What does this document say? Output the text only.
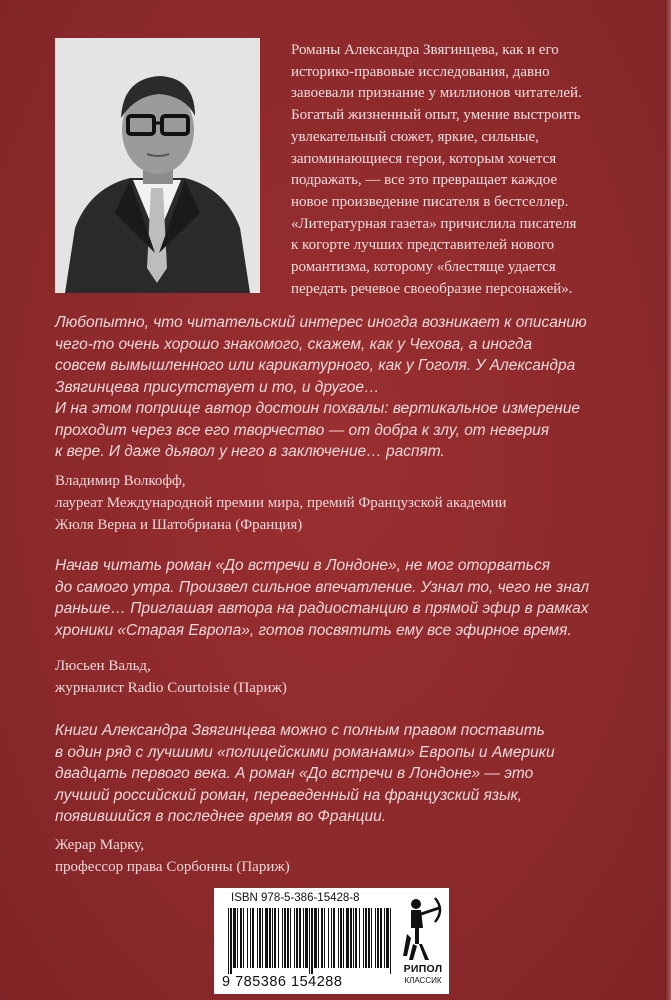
Романы Александра Звягинцева, как и его
историко-правовые исследования, давно
завоевали признание у миллионов читателей.
Богатый жизненный опыт, умение выстроить
увлекательный сюжет, яркие, сильные,
запоминающиеся герои, которым хочется
подражать, — все это превращает каждое
новое произведение писателя в бестселлер.
«Литературная газета» причислила писателя
к когорте лучших представителей нового
романтизма, которому «блестяще удается
передать речевое своеобразие персонажей».
Любопытно, что читательский интерес иногда возникает к описанию
чего-то очень хорошо знакомого, скажем, как у Чехова, а иногда
совсем вымышленного или карикатурного, как у Гоголя. У Александра
Звягинцева присутствует и то, и другое…
И на этом поприще автор достоин похвалы: вертикальное измерение
проходит через все его творчество — от добра к злу, от неверия
к вере. И даже дьявол у него в заключение… распят.
Владимир Волкофф,
лауреат Международной премии мира, премий Французской академии
Жюля Верна и Шатобриана (Франция)
Начав читать роман «До встречи в Лондоне», не мог оторваться
до самого утра. Произвел сильное впечатление. Узнал то, чего не знал
раньше… Приглашая автора на радиостанцию в прямой эфир в рамках
хроники «Старая Европа», готов посвятить ему все эфирное время.
Люсьен Вальд,
журналист Radio Courtoisie (Париж)
Книги Александра Звягинцева можно с полным правом поставить
в один ряд с лучшими «полицейскими романами» Европы и Америки
двадцать первого века. А роман «До встречи в Лондоне» — это
лучший российский роман, переведенный на французский язык,
появившийся в последнее время во Франции.
Жерар Марку,
профессор права Сорбонны (Париж)
ISBN 978-5-386-15428-8
9 785386 154288
РИПОЛ
КЛАССИК
